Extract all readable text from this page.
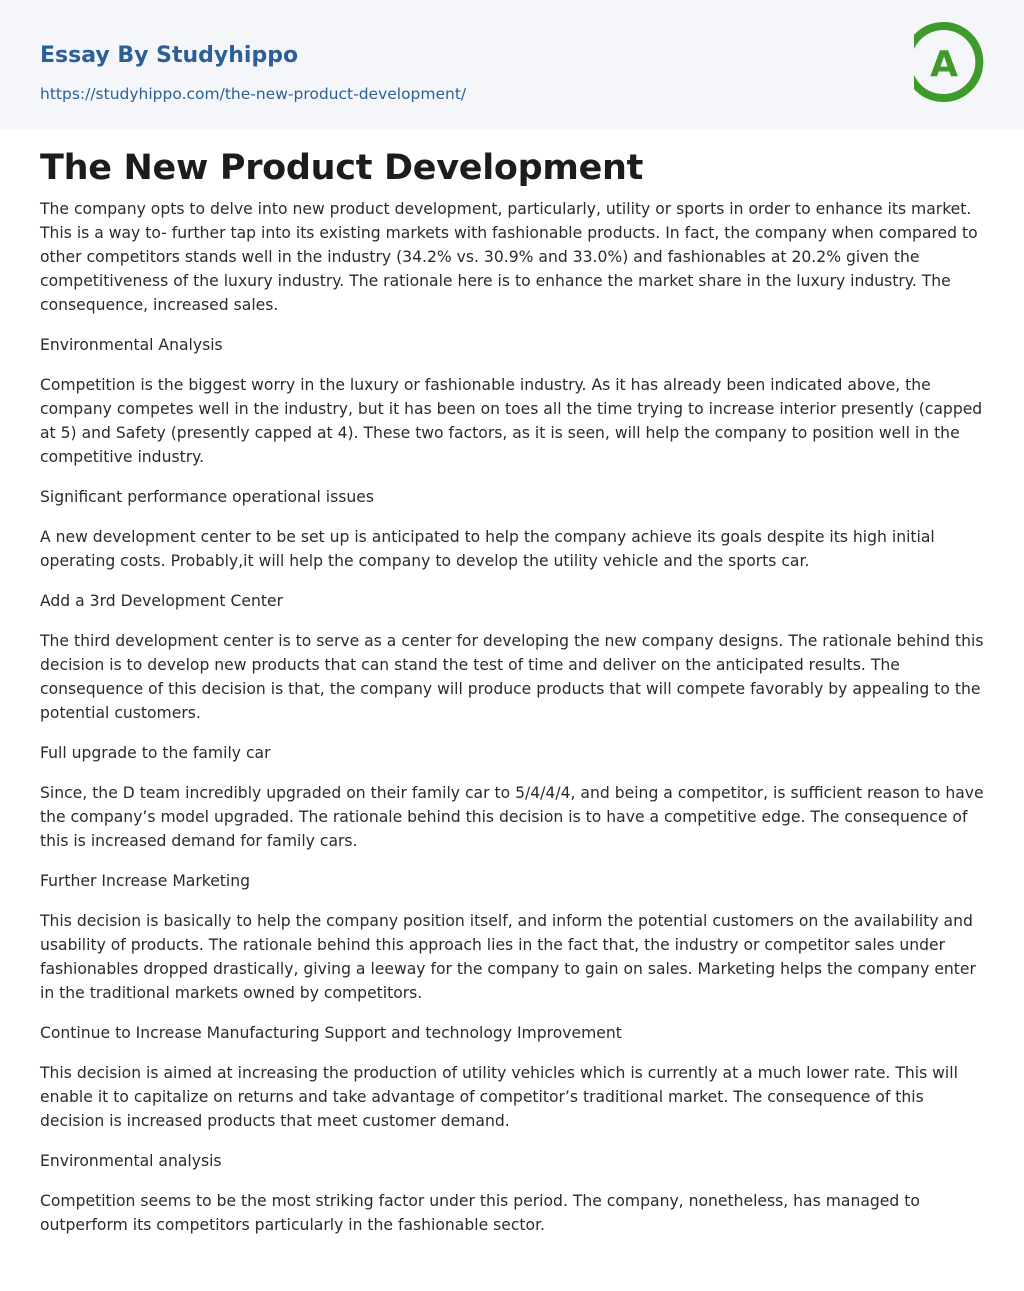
Essay By Studyhippo
https://studyhippo.com/the-new-product-development/
A
The New Product Development

The company opts to delve into new product development, particularly, utility or sports in order to enhance its market. This is a way to- further tap into its existing markets with fashionable products. In fact, the company when compared to other competitors stands well in the industry (34.2% vs. 30.9% and 33.0%) and fashionables at 20.2% given the competitiveness of the luxury industry. The rationale here is to enhance the market share in the luxury industry. The consequence, increased sales.

Environmental Analysis

Competition is the biggest worry in the luxury or fashionable industry. As it has already been indicated above, the company competes well in the industry, but it has been on toes all the time trying to increase interior presently (capped at 5) and Safety (presently capped at 4). These two factors, as it is seen, will help the company to position well in the competitive industry.

Significant performance operational issues

A new development center to be set up is anticipated to help the company achieve its goals despite its high initial operating costs. Probably,it will help the company to develop the utility vehicle and the sports car.

Add a 3rd Development Center

The third development center is to serve as a center for developing the new company designs. The rationale behind this decision is to develop new products that can stand the test of time and deliver on the anticipated results. The consequence of this decision is that, the company will produce products that will compete favorably by appealing to the potential customers.

Full upgrade to the family car

Since, the D team incredibly upgraded on their family car to 5/4/4/4, and being a competitor, is sufficient reason to have the company’s model upgraded. The rationale behind this decision is to have a competitive edge. The consequence of this is increased demand for family cars.

Further Increase Marketing

This decision is basically to help the company position itself, and inform the potential customers on the availability and usability of products. The rationale behind this approach lies in the fact that, the industry or competitor sales under fashionables dropped drastically, giving a leeway for the company to gain on sales. Marketing helps the company enter in the traditional markets owned by competitors.

Continue to Increase Manufacturing Support and technology Improvement

This decision is aimed at increasing the production of utility vehicles which is currently at a much lower rate. This will enable it to capitalize on returns and take advantage of competitor’s traditional market. The consequence of this decision is increased products that meet customer demand.

Environmental analysis

Competition seems to be the most striking factor under this period. The company, nonetheless, has managed to outperform its competitors particularly in the fashionable sector.
